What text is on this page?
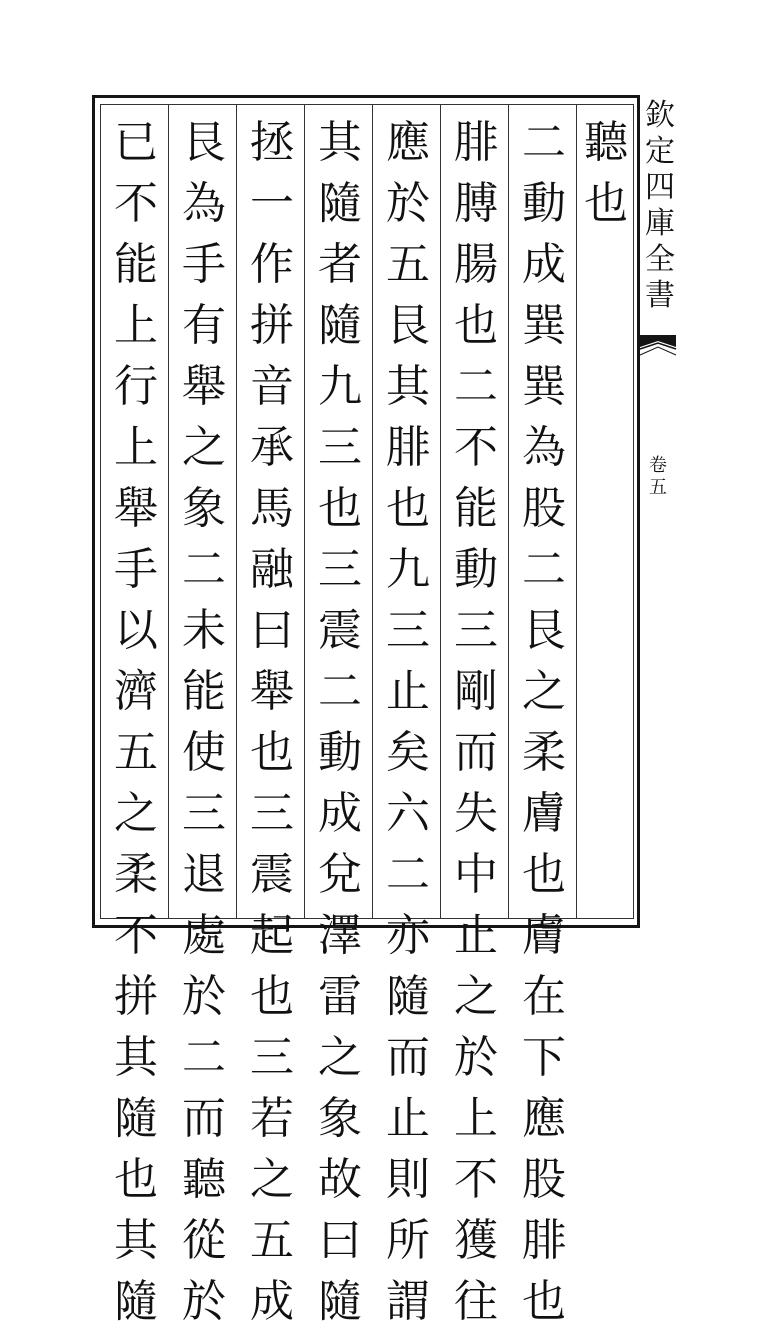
聽
也
二
動
成
巽
巽
為
股
二
艮
之
柔
膚
也
膚
在
下
應
股
腓
也
腓
膊
腸
也
二
不
能
動
三
剛
而
失
中
止
之
於
上
不
獲
往
應
於
五
艮
其
腓
也
九
三
止
矣
六
二
亦
隨
而
止
則
所
謂
其
隨
者
隨
九
三
也
三
震
二
動
成
兌
澤
雷
之
象
故
曰
隨
拯
一
作
拼
音
承
馬
融
曰
舉
也
三
震
起
也
三
若
之
五
成
艮
為
手
有
舉
之
象
二
未
能
使
三
退
處
於
二
而
聽
從
於
已
不
能
上
行
上
舉
手
以
濟
五
之
柔
不
拼
其
隨
也
其
隨
欽
定
四
庫
全
書
卷
五
